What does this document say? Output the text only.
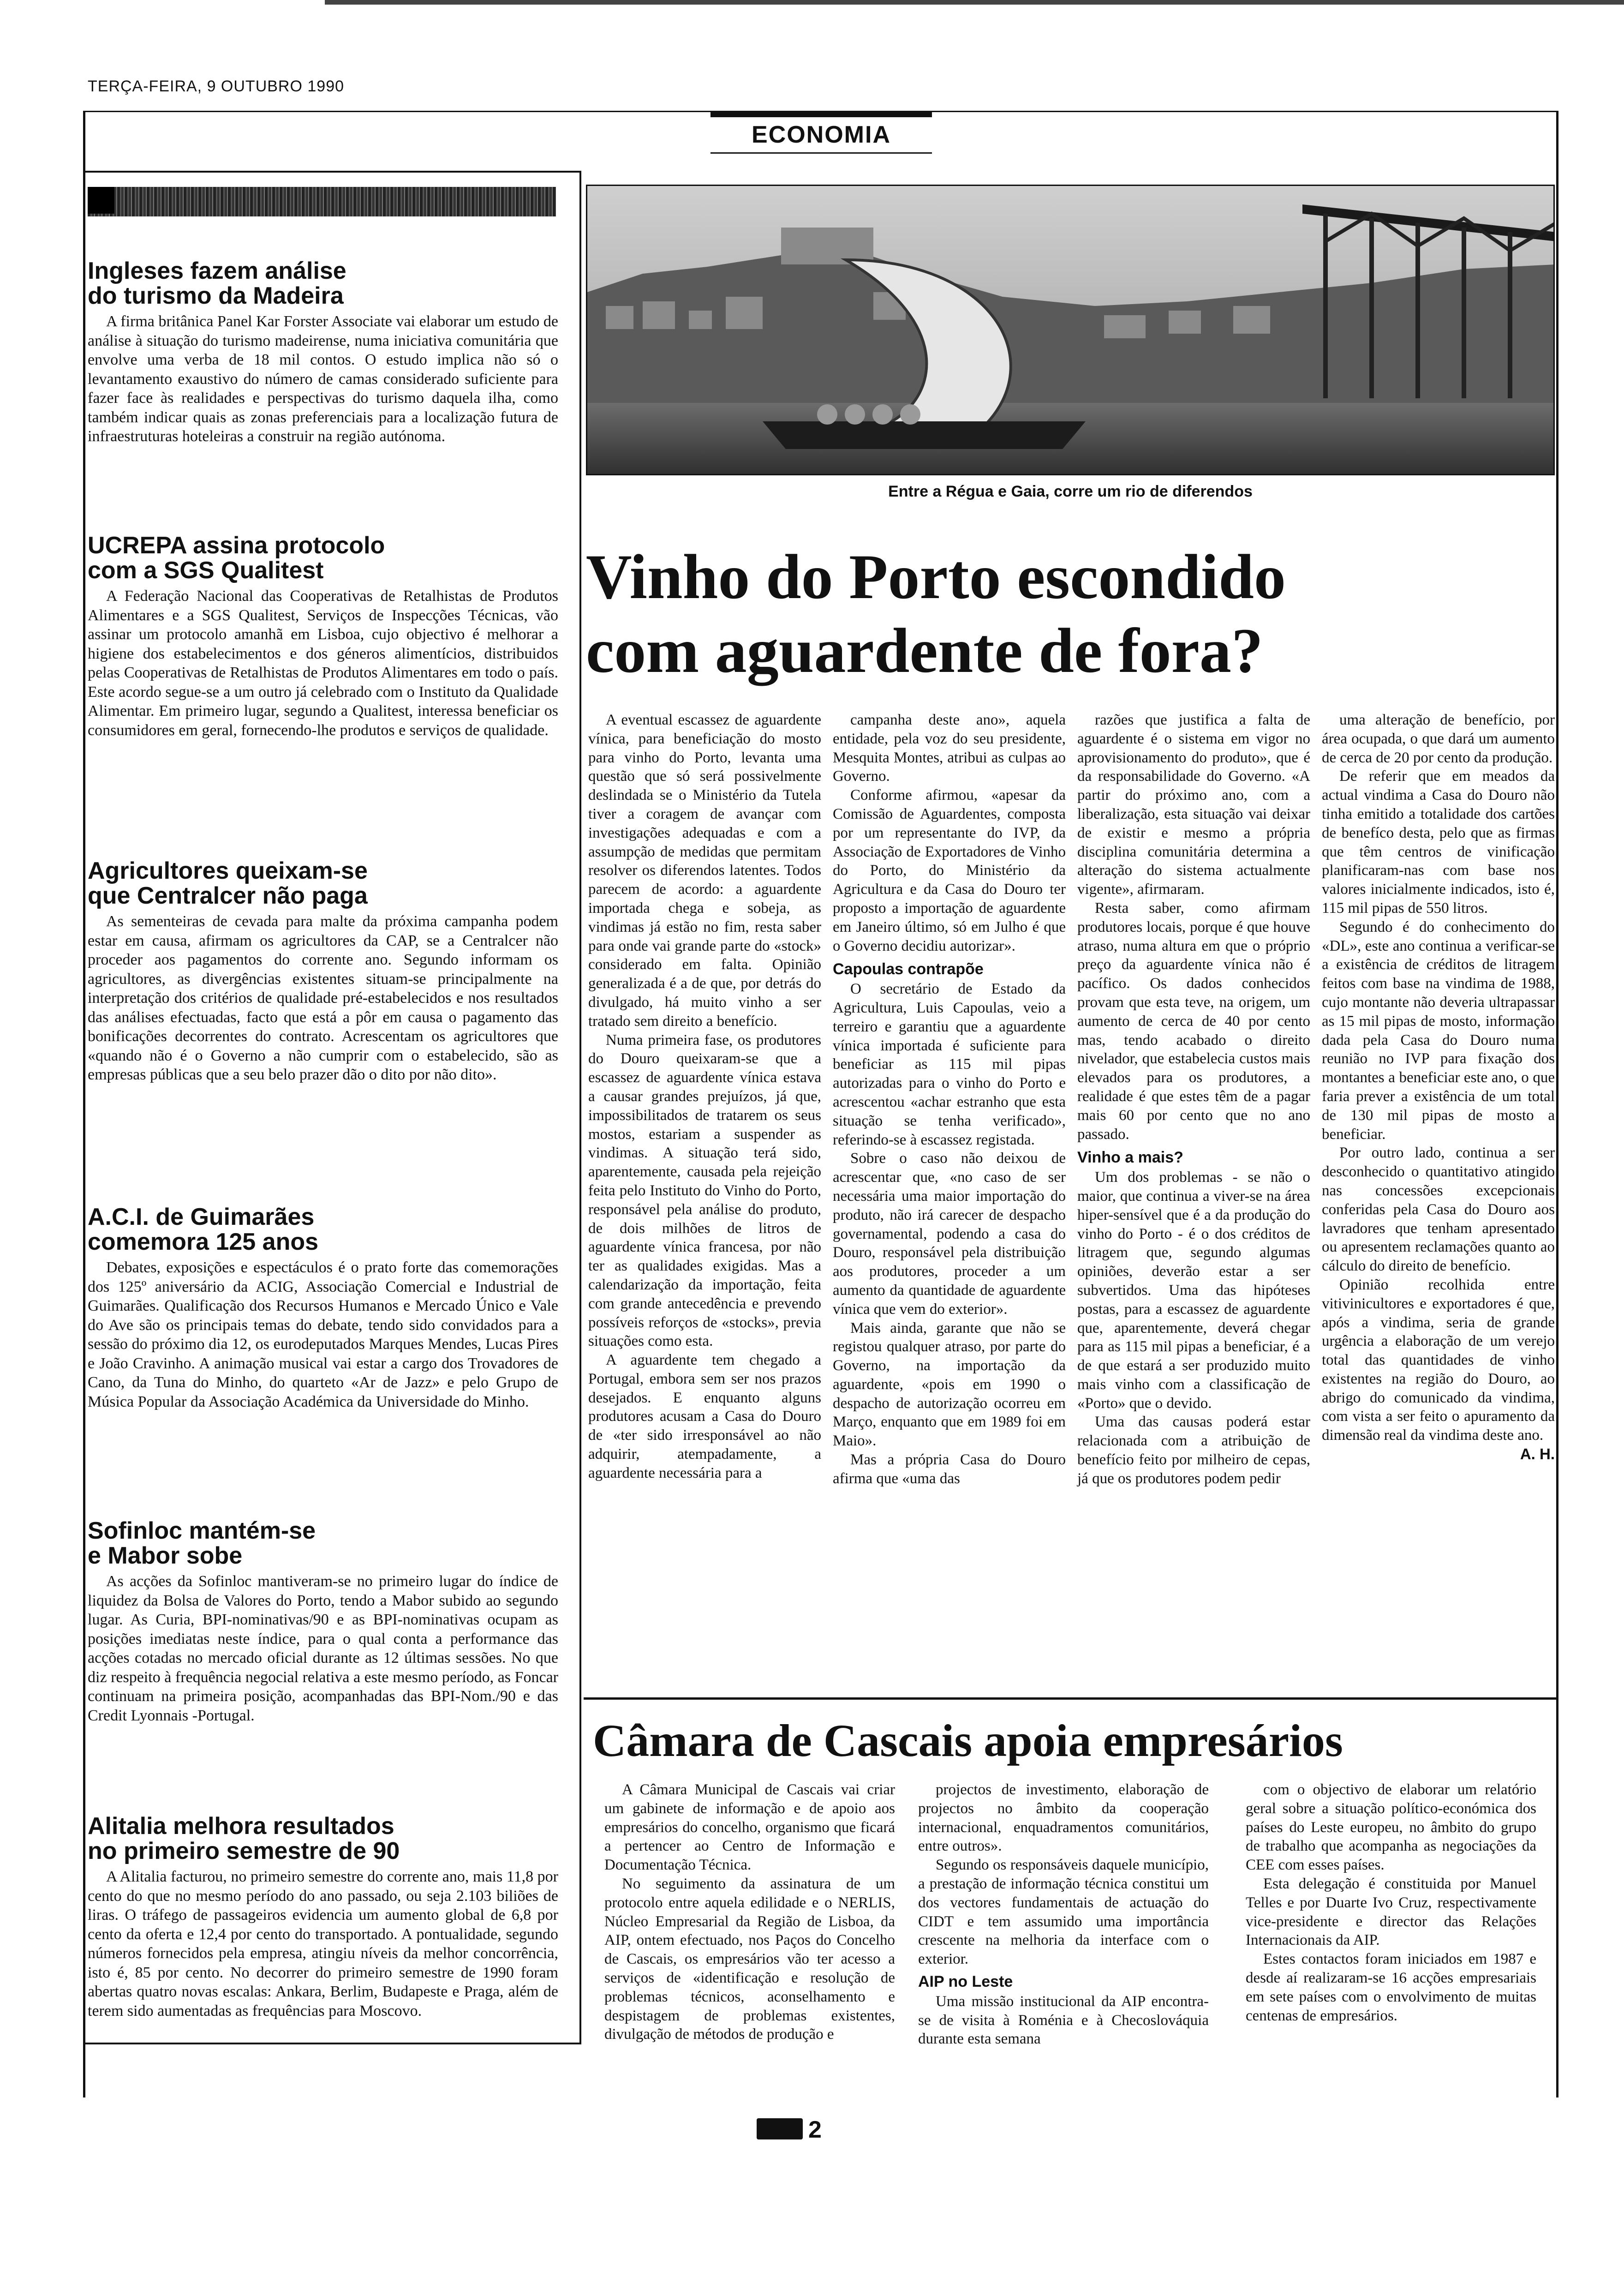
TERÇA-FEIRA, 9 OUTUBRO 1990
ECONOMIA
Ingleses fazem análise
do turismo da Madeira

A firma britânica Panel Kar Forster Associate vai elaborar um estudo de análise à situação do turismo madeirense, numa iniciativa comunitária que envolve uma verba de 18 mil contos. O estudo implica não só o levantamento exaustivo do número de camas considerado suficiente para fazer face às realidades e perspectivas do turismo daquela ilha, como também indicar quais as zonas preferenciais para a localização futura de infraestruturas hoteleiras a construir na região autónoma.

UCREPA assina protocolo
com a SGS Qualitest

A Federação Nacional das Cooperativas de Retalhistas de Produtos Alimentares e a SGS Qualitest, Serviços de Inspecções Técnicas, vão assinar um protocolo amanhã em Lisboa, cujo objectivo é melhorar a higiene dos estabelecimentos e dos géneros alimentícios, distribuidos pelas Cooperativas de Retalhistas de Produtos Alimentares em todo o país. Este acordo segue-se a um outro já celebrado com o Instituto da Qualidade Alimentar. Em primeiro lugar, segundo a Qualitest, interessa beneficiar os consumidores em geral, fornecendo-lhe produtos e serviços de qualidade.

Agricultores queixam-se
que Centralcer não paga

As sementeiras de cevada para malte da próxima campanha podem estar em causa, afirmam os agricultores da CAP, se a Centralcer não proceder aos pagamentos do corrente ano. Segundo informam os agricultores, as divergências existentes situam-se principalmente na interpretação dos critérios de qualidade pré-estabelecidos e nos resultados das análises efectuadas, facto que está a pôr em causa o pagamento das bonificações decorrentes do contrato. Acrescentam os agricultores que «quando não é o Governo a não cumprir com o estabelecido, são as empresas públicas que a seu belo prazer dão o dito por não dito».

A.C.I. de Guimarães
comemora 125 anos

Debates, exposições e espectáculos é o prato forte das comemorações dos 125º aniversário da ACIG, Associação Comercial e Industrial de Guimarães. Qualificação dos Recursos Humanos e Mercado Único e Vale do Ave são os principais temas do debate, tendo sido convidados para a sessão do próximo dia 12, os eurodeputados Marques Mendes, Lucas Pires e João Cravinho. A animação musical vai estar a cargo dos Trovadores de Cano, da Tuna do Minho, do quarteto «Ar de Jazz» e pelo Grupo de Música Popular da Associação Académica da Universidade do Minho.

Sofinloc mantém-se
e Mabor sobe

As acções da Sofinloc mantiveram-se no primeiro lugar do índice de liquidez da Bolsa de Valores do Porto, tendo a Mabor subido ao segundo lugar. As Curia, BPI-nominativas/90 e as BPI-nominativas ocupam as posições imediatas neste índice, para o qual conta a performance das acções cotadas no mercado oficial durante as 12 últimas sessões. No que diz respeito à frequência negocial relativa a este mesmo período, as Foncar continuam na primeira posição, acompanhadas das BPI-Nom./90 e das Credit Lyonnais -Portugal.

Alitalia melhora resultados
no primeiro semestre de 90

A Alitalia facturou, no primeiro semestre do corrente ano, mais 11,8 por cento do que no mesmo período do ano passado, ou seja 2.103 biliões de liras. O tráfego de passageiros evidencia um aumento global de 6,8 por cento da oferta e 12,4 por cento do transportado. A pontualidade, segundo números fornecidos pela empresa, atingiu níveis da melhor concorrência, isto é, 85 por cento. No decorrer do primeiro semestre de 1990 foram abertas quatro novas escalas: Ankara, Berlim, Budapeste e Praga, além de terem sido aumentadas as frequências para Moscovo.

Entre a Régua e Gaia, corre um rio de diferendos
Vinho do Porto escondido
com aguardente de fora?

A eventual escassez de aguardente vínica, para beneficiação do mosto para vinho do Porto, levanta uma questão que só será possivelmente deslindada se o Ministério da Tutela tiver a coragem de avançar com investigações adequadas e com a assumpção de medidas que permitam resolver os diferendos latentes. Todos parecem de acordo: a aguardente importada chega e sobeja, as vindimas já estão no fim, resta saber para onde vai grande parte do «stock» considerado em falta. Opinião generalizada é a de que, por detrás do divulgado, há muito vinho a ser tratado sem direito a benefício.

Numa primeira fase, os produtores do Douro queixaram-se que a escassez de aguardente vínica estava a causar grandes prejuízos, já que, impossibilitados de tratarem os seus mostos, estariam a suspender as vindimas. A situação terá sido, aparentemente, causada pela rejeição feita pelo Instituto do Vinho do Porto, responsável pela análise do produto, de dois milhões de litros de aguardente vínica francesa, por não ter as qualidades exigidas. Mas a calendarização da importação, feita com grande antecedência e prevendo possíveis reforços de «stocks», previa situações como esta.

A aguardente tem chegado a Portugal, embora sem ser nos prazos desejados. E enquanto alguns produtores acusam a Casa do Douro de «ter sido irresponsável ao não adquirir, atempadamente, a aguardente necessária para a

campanha deste ano», aquela entidade, pela voz do seu presidente, Mesquita Montes, atribui as culpas ao Governo.

Conforme afirmou, «apesar da Comissão de Aguardentes, composta por um representante do IVP, da Associação de Exportadores de Vinho do Porto, do Ministério da Agricultura e da Casa do Douro ter proposto a importação de aguardente em Janeiro último, só em Julho é que o Governo decidiu autorizar».

Capoulas contrapõe

O secretário de Estado da Agricultura, Luis Capoulas, veio a terreiro e garantiu que a aguardente vínica importada é suficiente para beneficiar as 115 mil pipas autorizadas para o vinho do Porto e acrescentou «achar estranho que esta situação se tenha verificado», referindo-se à escassez registada.

Sobre o caso não deixou de acrescentar que, «no caso de ser necessária uma maior importação do produto, não irá carecer de despacho governamental, podendo a casa do Douro, responsável pela distribuição aos produtores, proceder a um aumento da quantidade de aguardente vínica que vem do exterior».

Mais ainda, garante que não se registou qualquer atraso, por parte do Governo, na importação da aguardente, «pois em 1990 o despacho de autorização ocorreu em Março, enquanto que em 1989 foi em Maio».

Mas a própria Casa do Douro afirma que «uma das

razões que justifica a falta de aguardente é o sistema em vigor no aprovisionamento do produto», que é da responsabilidade do Governo. «A partir do próximo ano, com a liberalização, esta situação vai deixar de existir e mesmo a própria disciplina comunitária determina a alteração do sistema actualmente vigente», afirmaram.

Resta saber, como afirmam produtores locais, porque é que houve atraso, numa altura em que o próprio preço da aguardente vínica não é pacífico. Os dados conhecidos provam que esta teve, na origem, um aumento de cerca de 40 por cento mas, tendo acabado o direito nivelador, que estabelecia custos mais elevados para os produtores, a realidade é que estes têm de a pagar mais 60 por cento que no ano passado.

Vinho a mais?

Um dos problemas - se não o maior, que continua a viver-se na área hiper-sensível que é a da produção do vinho do Porto - é o dos créditos de litragem que, segundo algumas opiniões, deverão estar a ser subvertidos. Uma das hipóteses postas, para a escassez de aguardente que, aparentemente, deverá chegar para as 115 mil pipas a beneficiar, é a de que estará a ser produzido muito mais vinho com a classificação de «Porto» que o devido.

Uma das causas poderá estar relacionada com a atribuição de benefício feito por milheiro de cepas, já que os produtores podem pedir

uma alteração de benefício, por área ocupada, o que dará um aumento de cerca de 20 por cento da produção.

De referir que em meados da actual vindima a Casa do Douro não tinha emitido a totalidade dos cartões de benefíco desta, pelo que as firmas que têm centros de vinificação planificaram-nas com base nos valores inicialmente indicados, isto é, 115 mil pipas de 550 litros.

Segundo é do conhecimento do «DL», este ano continua a verificar-se a existência de créditos de litragem feitos com base na vindima de 1988, cujo montante não deveria ultrapassar as 15 mil pipas de mosto, informação dada pela Casa do Douro numa reunião no IVP para fixação dos montantes a beneficiar este ano, o que faria prever a existência de um total de 130 mil pipas de mosto a beneficiar.

Por outro lado, continua a ser desconhecido o quantitativo atingido nas concessões excepcionais conferidas pela Casa do Douro aos lavradores que tenham apresentado ou apresentem reclamações quanto ao cálculo do direito de benefício.

Opinião recolhida entre vitivinicultores e exportadores é que, após a vindima, seria de grande urgência a elaboração de um verejo total das quantidades de vinho existentes na região do Douro, ao abrigo do comunicado da vindima, com vista a ser feito o apuramento da dimensão real da vindima deste ano.

A. H.
Câmara de Cascais apoia empresários

A Câmara Municipal de Cascais vai criar um gabinete de informação e de apoio aos empresários do concelho, organismo que ficará a pertencer ao Centro de Informação e Documentação Técnica.

No seguimento da assinatura de um protocolo entre aquela edilidade e o NERLIS, Núcleo Empresarial da Região de Lisboa, da AIP, ontem efectuado, nos Paços do Concelho de Cascais, os empresários vão ter acesso a serviços de «identificação e resolução de problemas técnicos, aconselhamento e despistagem de problemas existentes, divulgação de métodos de produção e

projectos de investimento, elaboração de projectos no âmbito da cooperação internacional, enquadramentos comunitários, entre outros».

Segundo os responsáveis daquele município, a prestação de informação técnica constitui um dos vectores fundamentais de actuação do CIDT e tem assumido uma importância crescente na melhoria da interface com o exterior.

AIP no Leste

Uma missão institucional da AIP encontra-se de visita à Roménia e à Checoslováquia durante esta semana

com o objectivo de elaborar um relatório geral sobre a situação político-económica dos países do Leste europeu, no âmbito do grupo de trabalho que acompanha as negociações da CEE com esses países.

Esta delegação é constituida por Manuel Telles e por Duarte Ivo Cruz, respectivamente vice-presidente e director das Relações Internacionais da AIP.

Estes contactos foram iniciados em 1987 e desde aí realizaram-se 16 acções empresariais em sete países com o envolvimento de muitas centenas de empresários.

2
